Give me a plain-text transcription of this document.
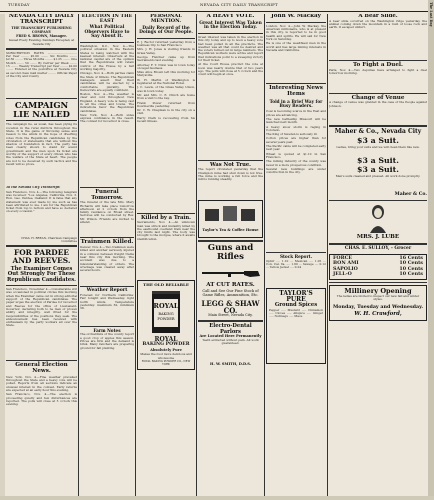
TUESDAY	NEVADA CITY DAILY TRANSCRIPT
NEVADA CITY DAILY TRANSCRIPT
THE TRANSCRIPT PUBLISHING COMPANY
FRED S. BROWN, Manager.
Issued Every Evening, Sundays Excepted, at Nevada City

SUBSCRIPTION RATES ................................ Per Year ........ $5.00 ........ Six Months ........ $2.50 ........ Three Months ........ $1.25 ........ One Month ........ 50 ........ By Carrier per Week ........ 15 ........ Weekly Transcript per Year ........ $2.00 ........ Entered at the postoffice at Nevada City as second class mail matter ........ Official Paper of the City and County

CAMPAIGN LIE NAILED

The campaign lie, as usual, has been plying its vocation in the rural districts throughout the State. It is the game of throwing sense and reason to the winds in the hope of diverting votes from the Republican candidates by the circulation of statements that are without the shadow of foundation in fact. The party has been clearly shown to stand for sound government and the men upon its ticket are worthy of the support of every citizen who has the welfare of the State at heart. The people are not to be deceived by such tactics and the result will so prove.

To the Nevada City Transcript:

San Francisco, Nov. 4.—The following telegram was received: "Los Angeles, California, Nov. 3. Hon. Geo. Pardee, Oakland: It is false that any statement was ever made by me such as has been attributed to me. I am for the Republican ticket from top to bottom and have so declared on every occasion."

CHAS. H. BREAN, Chairman Campaign Committee
FOR PARDEE AND REEVES.
The Examiner Comes Out Strongly For These Republican Candidates.

San Francisco, November 4.—Considerable stir was occasioned in political circles this morning when the Examiner came out in strong editorial support of the Republican candidates. The paper urges the election of Pardee for Governor and Reeves for the office of Lieutenant-Governor, declaring both to be men of proven ability and integrity, well fitted for the responsibilities of the positions they seek. The announcement has been received with enthusiasm by the party workers all over the State.

General Election News.

New York, Nov. 4.—Fine weather prevailed throughout the State and a heavy vote will be polled. Reports from all sections indicate an unusual interest in the contest. Early returns are expected at an early hour this evening.

San Francisco, Nov. 4.—The election is proceeding quietly and few disturbances are reported. The polls will close at 5 o'clock this evening.

ELECTION IN THE EAST
What Political Observers Have to Say About It.

Washington, D.C., Nov. 4.—The political situation in the Eastern States is being watched with the keenest interest. Observers at the national capital are of the opinion that the Republicans will retain control of the House by a fair working majority.

Chicago, Nov. 4.—Both parties claim the State of Illinois. The Republican managers assert that their candidates will be elected by a comfortable plurality. The Democrats are equally confident.

Boston, Nov. 4.—The weather is clear and cold throughout New England. A heavy vote is being cast in all the cities and towns. The indications favor the Republican candidates.

New York, Nov. 4.—Both sides express confidence in the result. The contest for Governor is close.

Funeral Tomorrow.

The funeral of the late Mrs. Mary Richards will take place tomorrow afternoon at 2 o'clock from the family residence on Broad street. Services will be conducted by Rev. Mr. Wilson. Friends are invited to attend.

Trainmen Killed.

Denver, Nov. 4.—Two trainmen were killed and another seriously injured in a collision between freight trains near this city this morning. The accident was due to a misunderstanding of orders. The wreckage was cleared away after several hours.

Weather Report

Forecast for Northern California: Fair tonight and Wednesday; light north winds. Temperature yesterday: maximum 62, minimum 38.

Farm Notes

The orchardists of the county report a good crop of apples this season. Prices are firm and the demand is brisk. Many ranchers are preparing ground for fall planting.

PERSONAL MENTION.
Daily Record of the Doings of Our People.

E. J. Rector returned yesterday from a business trip to San Francisco.

Mrs. J. H. Jones is visiting friends in Grass Valley.

George Fletcher came up from Sacramento last evening.

Attorney F. T. Nilon was in town today on legal business.

Miss Alice Brown left this morning for Marysville.

W. H. Martin of Washington is registered at the National Hotel.

J. C. Lewis, of the Grass Valley Union, was in town today.

Mr. and Mrs. C. E. Clinch are home from a visit to the bay.

Frank Power returned from Downieville yesterday.

Dr. C. W. Chapman is in the city on a visit.

Harry Clark is recovering from his recent illness.

Killed by a Train.

Sacramento, Nov. 4.—An unknown man was struck and instantly killed by the eastbound overland train near the city limits last night. The body was brought to the morgue, where it awaits identification.

THE OLD RELIABLE
ROYAL
BAKING
POWDER
ROYAL
BAKING POWDER
Absolutely Pure
Makes the food more delicious and wholesome
ROYAL BAKING POWDER CO., NEW YORK
A HEAVY VOTE.
Great Interest Was Taken in the Election Today.

Great interest was taken in the election in this city today and up to noon a heavy vote had been polled in all the precincts. The weather was all that could be desired and the voters turned out in large numbers. The Republican workers were active and report that indications point to a sweeping victory for their ticket.

At the Court House precinct the vote at noon was nearly double that of two years ago. The polls will close at 5 o'clock and the count will begin at once.

Was Not True.

The report circulated yesterday that the Champion mine had shut down is not true. The mine is working a full force and the mill is running steadily.

Taylor's Tea & Coffee House
Guns and Rifles
AT CUT RATES.
Call and See Our Fine Stock of Game Rifles, Ammunition, Etc.
LEGG & SHAW CO.
Main Street, Nevada City.
Electro-Dental Parlors
Are Located Here Permanently
Teeth extracted without pain. All work guaranteed.
H. W. SMITH, D.D.S.
John W. Mackay

London, Nov. 4.—John W. Mackay, the American millionaire, who is at present in this city, is reported to be in good health and spirits. He will sail for New York on Saturday.

He is one of the wealthiest men in the world and has large mining interests in Nevada and California.

Interesting News Items
Told in a Brief Way for Busy Readers.

Coal is becoming scarce in the East and prices are advancing.

The new battleship Missouri will be launched next month.

A heavy snow storm is raging in Colorado.

The King of Sweden is seriously ill.

Cotton prices are higher than for several years past.

The Pacific cable will be completed early next year.

Wheat is quoted at $1.10 in San Francisco.

The mining industry of the county was never in a more prosperous condition.

Several new buildings are under construction in the city.

Stock Report.

Ophir .... 1.10 ... Mexican .... 1.05 ... Con. Cal. Va. .... 1.60 ... Savage .... 0.12 ... Yellow Jacket .... 0.24

TAYLOR'S PURE
Ground Spices

Pepper ..... Mustard ..... Cinnamon ..... Cloves ..... Allspice ..... Ginger ..... Nutmegs ..... Mace

A Bear Slide.

A bear slide occurred on the Washington ridge yesterday, the animal coming down the mountain in a rush of loose rock and earth. It escaped unhurt.

To Fight a Duel.

Paris, Nov. 4.—Two deputies have arranged to fight a duel tomorrow morning.

Change of Venue

A change of venue was granted in the case of the People against Johnson.

Maher & Co., Nevada City
$3 a Suit.

Ladies, bring your suits and we will clean them like new.

$3 a Suit.
$3 a Suit.

Men's suits cleaned and pressed. All work done promptly.

Maher & Co.
MRS. J. LUBE
CHAS. E. SULLOY, - Grocer
FORCE	16 Cents
BON AMI	10 Cents
SAPOLIO	10 Cents
JELL-O	10 Cents
Millinery Opening

The ladies are invited to inspect our new fall and winter styles.

Monday, Tuesday and Wednesday.
W. H. Crawford,
The Last Day
